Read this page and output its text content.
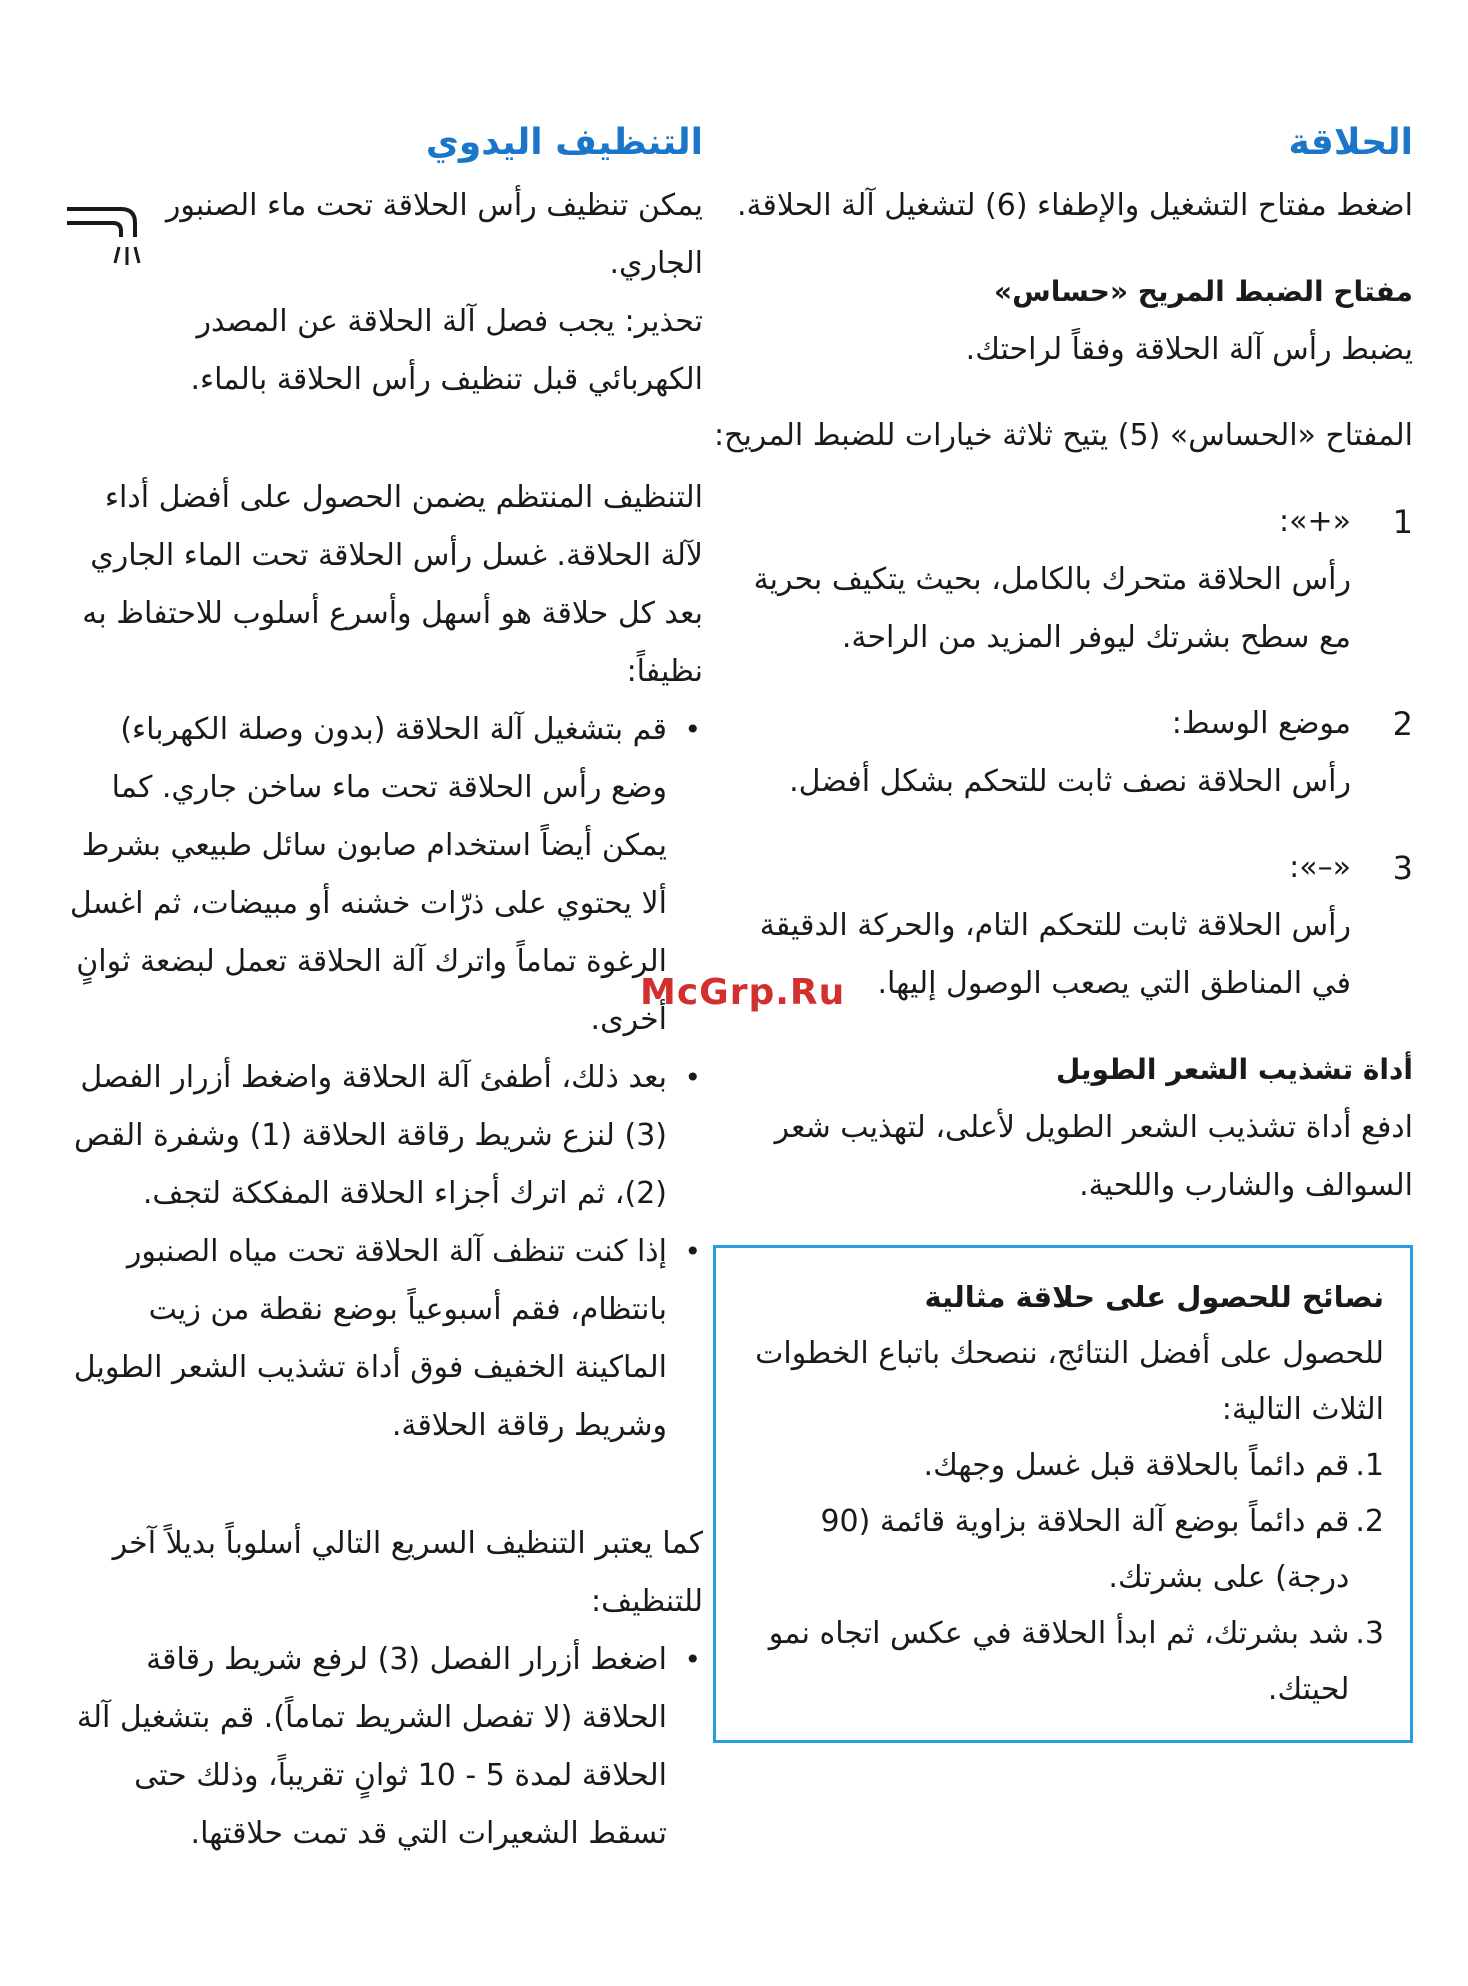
الحلاقة

اضغط مفتاح التشغيل والإطفاء (6) لتشغيل آلة الحلاقة.

مفتاح الضبط المريح «حساس»

يضبط رأس آلة الحلاقة وفقاً لراحتك.

المفتاح «الحساس» (5) يتيح ثلاثة خيارات للضبط المريح:

1

«+»:

رأس الحلاقة متحرك بالكامل، بحيث يتكيف بحرية مع سطح بشرتك ليوفر المزيد من الراحة.

2

موضع الوسط:

رأس الحلاقة نصف ثابت للتحكم بشكل أفضل.

3

«–»:

رأس الحلاقة ثابت للتحكم التام، والحركة الدقيقة في المناطق التي يصعب الوصول إليها.

أداة تشذيب الشعر الطويل

ادفع أداة تشذيب الشعر الطويل لأعلى، لتهذيب شعر السوالف والشارب واللحية.

نصائح للحصول على حلاقة مثالية

للحصول على أفضل النتائج، ننصحك باتباع الخطوات الثلاث التالية:

1.

قم دائماً بالحلاقة قبل غسل وجهك.

2.

قم دائماً بوضع آلة الحلاقة بزاوية قائمة (90 درجة) على بشرتك.

3.

شد بشرتك، ثم ابدأ الحلاقة في عكس اتجاه نمو لحيتك.

التنظيف اليدوي

يمكن تنظيف رأس الحلاقة تحت ماء الصنبور الجاري.

تحذير: يجب فصل آلة الحلاقة عن المصدر الكهربائي قبل تنظيف رأس الحلاقة بالماء.

التنظيف المنتظم يضمن الحصول على أفضل أداء لآلة الحلاقة. غسل رأس الحلاقة تحت الماء الجاري بعد كل حلاقة هو أسهل وأسرع أسلوب للاحتفاظ به نظيفاً:

• قم بتشغيل آلة الحلاقة (بدون وصلة الكهرباء) وضع رأس الحلاقة تحت ماء ساخن جاري. كما يمكن أيضاً استخدام صابون سائل طبيعي بشرط ألا يحتوي على ذرّات خشنه أو مبيضات، ثم اغسل الرغوة تماماً واترك آلة الحلاقة تعمل لبضعة ثوانٍ أخرى.
• بعد ذلك، أطفئ آلة الحلاقة واضغط أزرار الفصل (3) لنزع شريط رقاقة الحلاقة (1) وشفرة القص (2)، ثم اترك أجزاء الحلاقة المفككة لتجف.
• إذا كنت تنظف آلة الحلاقة تحت مياه الصنبور بانتظام، فقم أسبوعياً بوضع نقطة من زيت الماكينة الخفيف فوق أداة تشذيب الشعر الطويل وشريط رقاقة الحلاقة.

كما يعتبر التنظيف السريع التالي أسلوباً بديلاً آخر للتنظيف:

• اضغط أزرار الفصل (3) لرفع شريط رقاقة الحلاقة (لا تفصل الشريط تماماً). قم بتشغيل آلة الحلاقة لمدة 5 - 10 ثوانٍ تقريباً، وذلك حتى تسقط الشعيرات التي قد تمت حلاقتها.
McGrp.Ru
